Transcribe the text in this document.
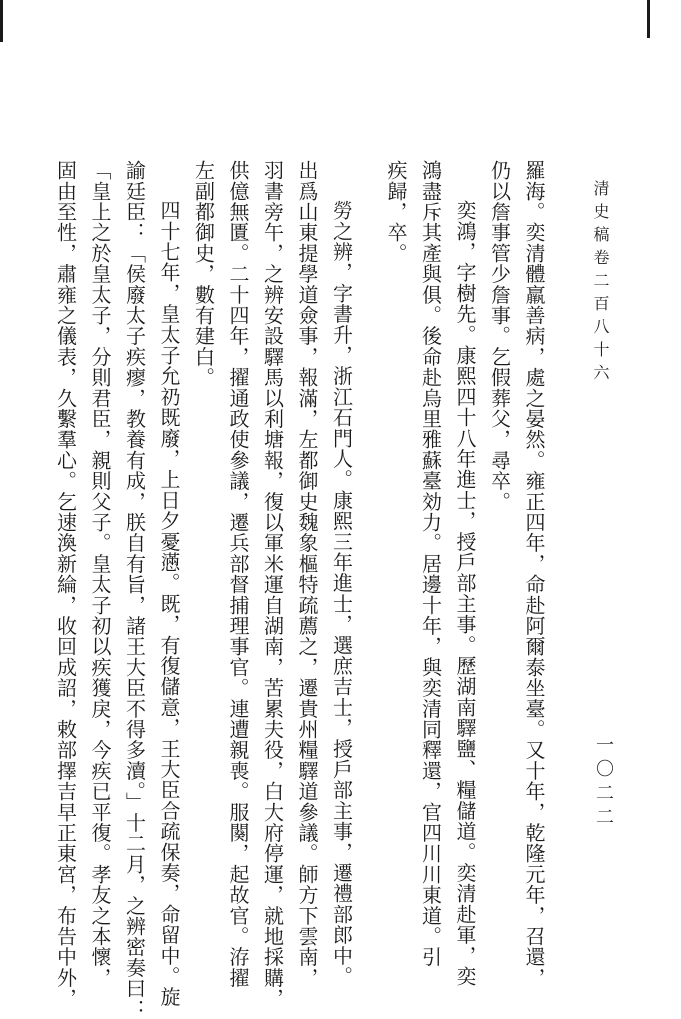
清史稿卷二百八十六
一〇二二
羅海。奕清體羸善病，處之晏然。雍正四年，命赴阿爾泰坐臺。又十年，乾隆元年，召還，
仍以詹事管少詹事。乞假葬父，尋卒。
奕鴻，字樹先。康熙四十八年進士，授戶部主事。歷湖南驛鹽、糧儲道。奕清赴軍，奕
鴻盡斥其產與俱。後命赴烏里雅蘇臺効力。居邊十年，與奕清同釋還，官四川川東道。引
疾歸，卒。
勞之辨，字書升，浙江石門人。康熙三年進士，選庶吉士，授戶部主事，遷禮部郎中。
出爲山東提學道僉事，報滿，左都御史魏象樞特疏薦之，遷貴州糧驛道參議。師方下雲南，
羽書旁午，之辨安設驛馬以利塘報，復以軍米運自湖南，苦累夫役，白大府停運，就地採購，
供億無匱。二十四年，擢通政使參議，遷兵部督捕理事官。連遭親喪。服闋，起故官。洊擢
左副都御史，數有建白。
四十七年，皇太子允礽既廢，上日夕憂懣。既，有復儲意，王大臣合疏保奏，命留中。旋
諭廷臣：「侯廢太子疾瘳，教養有成，朕自有旨，諸王大臣不得多瀆。」十二月，之辨密奏曰：
「皇上之於皇太子，分則君臣，親則父子。皇太子初以疾獲戾，今疾已平復。孝友之本懷，
固由至性，肅雍之儀表，久繫羣心。乞速渙新綸，收回成詔，敕部擇吉早正東宮，布告中外，
